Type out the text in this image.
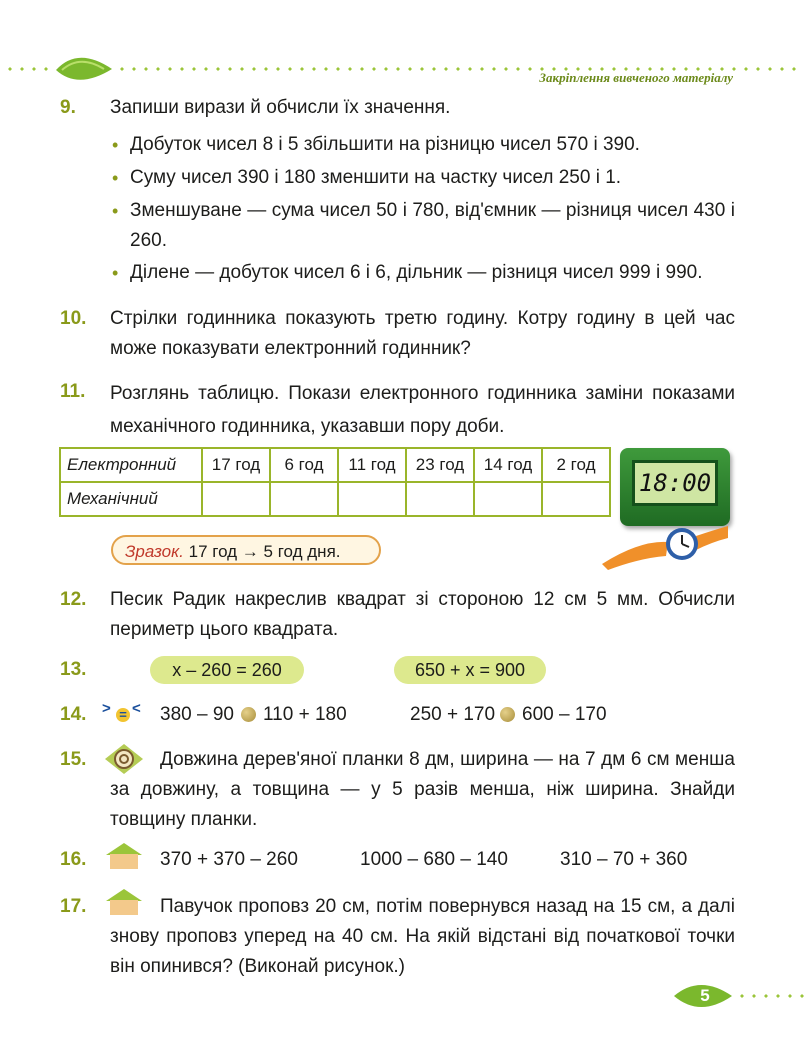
Закріплення вивченого матеріалу
9. Запиши вирази й обчисли їх значення.
• Добуток чисел 8 і 5 збільшити на різницю чисел 570 і 390.
• Суму чисел 390 і 180 зменшити на частку чисел 250 і 1.
• Зменшуване — сума чисел 50 і 780, від'ємник — різниця чисел 430 і 260.
• Ділене — добуток чисел 6 і 6, дільник — різниця чисел 999 і 990.
10. Стрілки годинника показують третю годину. Котру годину в цей час може показувати електронний годинник?
11. Розглянь таблицю. Покази електронного годинника заміни показами механічного годинника, указавши пору доби.
Електронний	17 год	6 год	11 год	23 год	14 год	2 год
Механічний						
18:00
Зразок. 17 год → 5 год дня.
12. Песик Радик накреслив квадрат зі стороною 12 см 5 мм. Обчисли периметр цього квадрата.
13.	x – 260 = 260	650 + x = 900
14. > = < 380 – 90 110 + 180	250 + 170 600 – 170
15.	Довжина дерев'яної планки 8 дм, ширина — на 7 дм 6 см менша за довжину, а товщина — у 5 разів менша, ніж ширина. Знайди товщину планки.
16.	370 + 370 – 260	1000 – 680 – 140	310 – 70 + 360
17.	Павучок проповз 20 см, потім повернувся назад на 15 см, а далі знову проповз уперед на 40 см. На якій відстані від початкової точки він опинився? (Виконай рисунок.)
5
